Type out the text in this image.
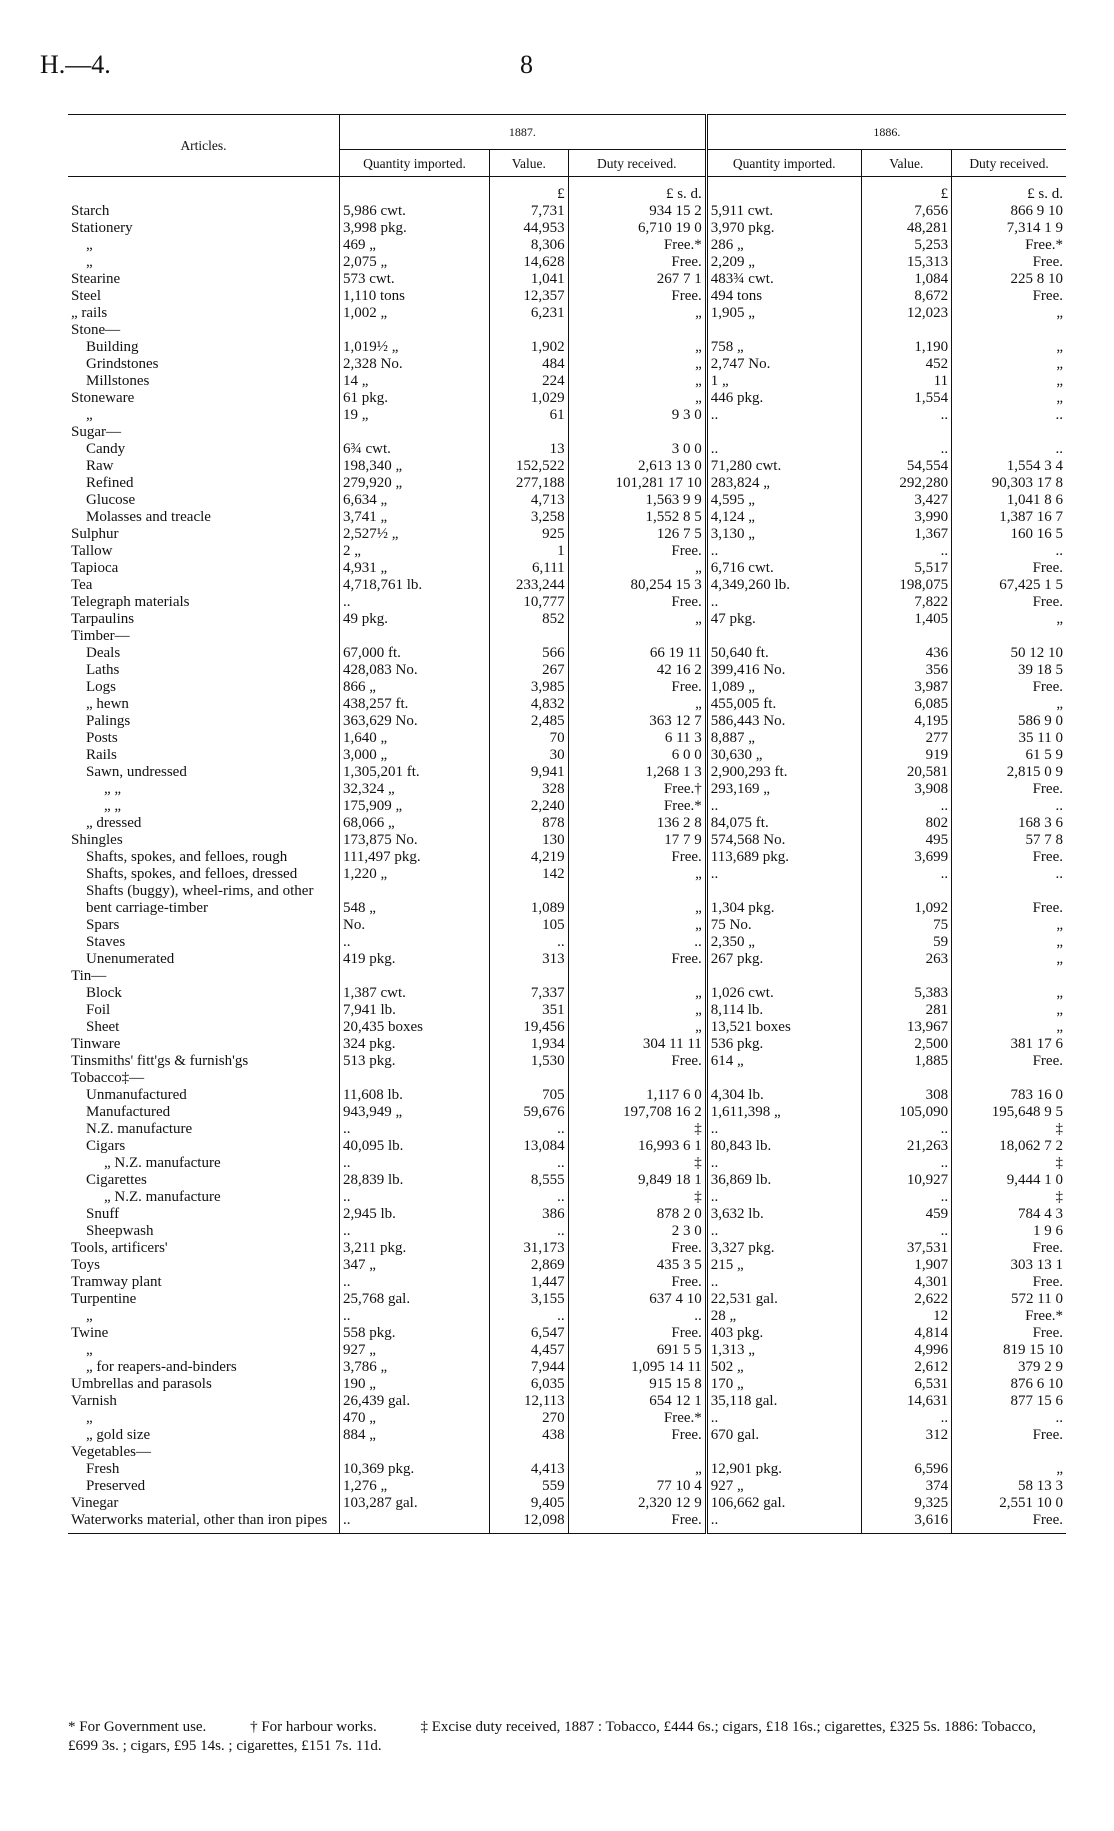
H.—4.	8
Articles.	1887.			1886.		
	Quantity imported.	Value.	Duty received.	Quantity imported.	Value.	Duty received.
		£	£ s. d.		£	£ s. d.
Starch	5,986 cwt.	7,731	934 15 2	5,911 cwt.	7,656	866 9 10
Stationery	3,998 pkg.	44,953	6,710 19 0	3,970 pkg.	48,281	7,314 1 9
„	469 „	8,306	Free.*	286 „	5,253	Free.*
„	2,075 „	14,628	Free.	2,209 „	15,313	Free.
Stearine	573 cwt.	1,041	267 7 1	483¾ cwt.	1,084	225 8 10
Steel	1,110 tons	12,357	Free.	494 tons	8,672	Free.
„ rails	1,002 „	6,231	„	1,905 „	12,023	„
Stone—						
Building	1,019½ „	1,902	„	758 „	1,190	„
Grindstones	2,328 No.	484	„	2,747 No.	452	„
Millstones	14 „	224	„	1 „	11	„
Stoneware	61 pkg.	1,029	„	446 pkg.	1,554	„
„	19 „	61	9 3 0	..	..	..
Sugar—						
Candy	6¾ cwt.	13	3 0 0	..	..	..
Raw	198,340 „	152,522	2,613 13 0	71,280 cwt.	54,554	1,554 3 4
Refined	279,920 „	277,188	101,281 17 10	283,824 „	292,280	90,303 17 8
Glucose	6,634 „	4,713	1,563 9 9	4,595 „	3,427	1,041 8 6
Molasses and treacle	3,741 „	3,258	1,552 8 5	4,124 „	3,990	1,387 16 7
Sulphur	2,527½ „	925	126 7 5	3,130 „	1,367	160 16 5
Tallow	2 „	1	Free.	..	..	..
Tapioca	4,931 „	6,111	„	6,716 cwt.	5,517	Free.
Tea	4,718,761 lb.	233,244	80,254 15 3	4,349,260 lb.	198,075	67,425 1 5
Telegraph materials	..	10,777	Free.	..	7,822	Free.
Tarpaulins	49 pkg.	852	„	47 pkg.	1,405	„
Timber—						
Deals	67,000 ft.	566	66 19 11	50,640 ft.	436	50 12 10
Laths	428,083 No.	267	42 16 2	399,416 No.	356	39 18 5
Logs	866 „	3,985	Free.	1,089 „	3,987	Free.
„ hewn	438,257 ft.	4,832	„	455,005 ft.	6,085	„
Palings	363,629 No.	2,485	363 12 7	586,443 No.	4,195	586 9 0
Posts	1,640 „	70	6 11 3	8,887 „	277	35 11 0
Rails	3,000 „	30	6 0 0	30,630 „	919	61 5 9
Sawn, undressed	1,305,201 ft.	9,941	1,268 1 3	2,900,293 ft.	20,581	2,815 0 9
„ „	32,324 „	328	Free.†	293,169 „	3,908	Free.
„ „	175,909 „	2,240	Free.*	..	..	..
„ dressed	68,066 „	878	136 2 8	84,075 ft.	802	168 3 6
Shingles	173,875 No.	130	17 7 9	574,568 No.	495	57 7 8
Shafts, spokes, and felloes, rough	111,497 pkg.	4,219	Free.	113,689 pkg.	3,699	Free.
Shafts, spokes, and felloes, dressed	1,220 „	142	„	..	..	..
Shafts (buggy), wheel-rims, and other bent carriage-timber	548 „	1,089	„	1,304 pkg.	1,092	Free.
Spars	No.	105	„	75 No.	75	„
Staves	..	..	..	2,350 „	59	„
Unenumerated	419 pkg.	313	Free.	267 pkg.	263	„
Tin—						
Block	1,387 cwt.	7,337	„	1,026 cwt.	5,383	„
Foil	7,941 lb.	351	„	8,114 lb.	281	„
Sheet	20,435 boxes	19,456	„	13,521 boxes	13,967	„
Tinware	324 pkg.	1,934	304 11 11	536 pkg.	2,500	381 17 6
Tinsmiths' fitt'gs & furnish'gs	513 pkg.	1,530	Free.	614 „	1,885	Free.
Tobacco‡—						
Unmanufactured	11,608 lb.	705	1,117 6 0	4,304 lb.	308	783 16 0
Manufactured	943,949 „	59,676	197,708 16 2	1,611,398 „	105,090	195,648 9 5
N.Z. manufacture	..	..	‡	..	..	‡
Cigars	40,095 lb.	13,084	16,993 6 1	80,843 lb.	21,263	18,062 7 2
„ N.Z. manufacture	..	..	‡	..	..	‡
Cigarettes	28,839 lb.	8,555	9,849 18 1	36,869 lb.	10,927	9,444 1 0
„ N.Z. manufacture	..	..	‡	..	..	‡
Snuff	2,945 lb.	386	878 2 0	3,632 lb.	459	784 4 3
Sheepwash	..	..	2 3 0	..	..	1 9 6
Tools, artificers'	3,211 pkg.	31,173	Free.	3,327 pkg.	37,531	Free.
Toys	347 „	2,869	435 3 5	215 „	1,907	303 13 1
Tramway plant	..	1,447	Free.	..	4,301	Free.
Turpentine	25,768 gal.	3,155	637 4 10	22,531 gal.	2,622	572 11 0
„	..	..	..	28 „	12	Free.*
Twine	558 pkg.	6,547	Free.	403 pkg.	4,814	Free.
„	927 „	4,457	691 5 5	1,313 „	4,996	819 15 10
„ for reapers-and-binders	3,786 „	7,944	1,095 14 11	502 „	2,612	379 2 9
Umbrellas and parasols	190 „	6,035	915 15 8	170 „	6,531	876 6 10
Varnish	26,439 gal.	12,113	654 12 1	35,118 gal.	14,631	877 15 6
„	470 „	270	Free.*	..	..	..
„ gold size	884 „	438	Free.	670 gal.	312	Free.
Vegetables—						
Fresh	10,369 pkg.	4,413	„	12,901 pkg.	6,596	„
Preserved	1,276 „	559	77 10 4	927 „	374	58 13 3
Vinegar	103,287 gal.	9,405	2,320 12 9	106,662 gal.	9,325	2,551 10 0
Waterworks material, other than iron pipes	..	12,098	Free.	..	3,616	Free.
* For Government use.	† For harbour works.	‡ Excise duty received, 1887 : Tobacco, £444 6s.; cigars, £18 16s.; cigarettes, £325 5s. 1886: Tobacco, £699 3s. ; cigars, £95 14s. ; cigarettes, £151 7s. 11d.
